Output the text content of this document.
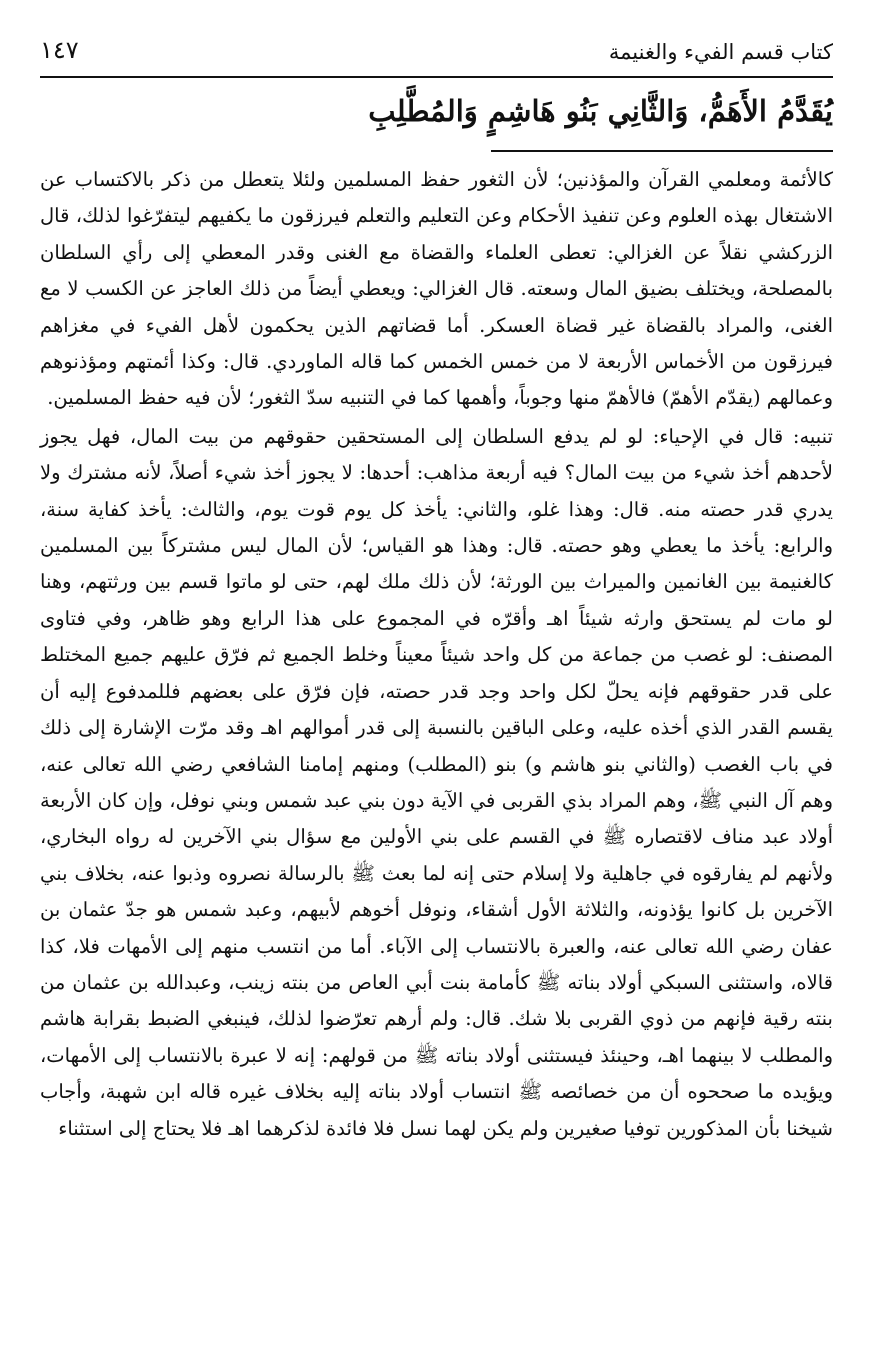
كتاب قسم الفيء والغنيمة
١٤٧
يُقَدَّمُ الأَهَمُّ، وَالثَّانِي بَنُو هَاشِمٍ وَالمُطَّلِبِ

كالأئمة ومعلمي القرآن والمؤذنين؛ لأن الثغور حفظ المسلمين ولئلا يتعطل من ذكر بالاكتساب عن الاشتغال بهذه العلوم وعن تنفيذ الأحكام وعن التعليم والتعلم فيرزقون ما يكفيهم ليتفرّغوا لذلك، قال الزركشي نقلاً عن الغزالي: تعطى العلماء والقضاة مع الغنى وقدر المعطي إلى رأي السلطان بالمصلحة، ويختلف بضيق المال وسعته. قال الغزالي: ويعطي أيضاً من ذلك العاجز عن الكسب لا مع الغنى، والمراد بالقضاة غير قضاة العسكر. أما قضاتهم الذين يحكمون لأهل الفيء في مغزاهم فيرزقون من الأخماس الأربعة لا من خمس الخمس كما قاله الماوردي. قال: وكذا أئمتهم ومؤذنوهم وعمالهم (يقدّم الأهمّ) فالأهمّ منها وجوباً، وأهمها كما في التنبيه سدّ الثغور؛ لأن فيه حفظ المسلمين.

تنبيه: قال في الإحياء: لو لم يدفع السلطان إلى المستحقين حقوقهم من بيت المال، فهل يجوز لأحدهم أخذ شيء من بيت المال؟ فيه أربعة مذاهب: أحدها: لا يجوز أخذ شيء أصلاً، لأنه مشترك ولا يدري قدر حصته منه. قال: وهذا غلو، والثاني: يأخذ كل يوم قوت يوم، والثالث: يأخذ كفاية سنة، والرابع: يأخذ ما يعطي وهو حصته. قال: وهذا هو القياس؛ لأن المال ليس مشتركاً بين المسلمين كالغنيمة بين الغانمين والميراث بين الورثة؛ لأن ذلك ملك لهم، حتى لو ماتوا قسم بين ورثتهم، وهنا لو مات لم يستحق وارثه شيئاً اهـ وأقرّه في المجموع على هذا الرابع وهو ظاهر، وفي فتاوى المصنف: لو غصب من جماعة من كل واحد شيئاً معيناً وخلط الجميع ثم فرّق عليهم جميع المختلط على قدر حقوقهم فإنه يحلّ لكل واحد وجد قدر حصته، فإن فرّق على بعضهم فللمدفوع إليه أن يقسم القدر الذي أخذه عليه، وعلى الباقين بالنسبة إلى قدر أموالهم اهـ وقد مرّت الإشارة إلى ذلك في باب الغصب (والثاني بنو هاشم و) بنو (المطلب) ومنهم إمامنا الشافعي رضي الله تعالى عنه، وهم آل النبي ﷺ، وهم المراد بذي القربى في الآية دون بني عبد شمس وبني نوفل، وإن كان الأربعة أولاد عبد مناف لاقتصاره ﷺ في القسم على بني الأولين مع سؤال بني الآخرين له رواه البخاري، ولأنهم لم يفارقوه في جاهلية ولا إسلام حتى إنه لما بعث ﷺ بالرسالة نصروه وذبوا عنه، بخلاف بني الآخرين بل كانوا يؤذونه، والثلاثة الأول أشقاء، ونوفل أخوهم لأبيهم، وعبد شمس هو جدّ عثمان بن عفان رضي الله تعالى عنه، والعبرة بالانتساب إلى الآباء. أما من انتسب منهم إلى الأمهات فلا، كذا قالاه، واستثنى السبكي أولاد بناته ﷺ كأمامة بنت أبي العاص من بنته زينب، وعبدالله بن عثمان من بنته رقية فإنهم من ذوي القربى بلا شك. قال: ولم أرهم تعرّضوا لذلك، فينبغي الضبط بقرابة هاشم والمطلب لا بينهما اهـ، وحينئذ فيستثنى أولاد بناته ﷺ من قولهم: إنه لا عبرة بالانتساب إلى الأمهات، ويؤيده ما صححوه أن من خصائصه ﷺ انتساب أولاد بناته إليه بخلاف غيره قاله ابن شهبة، وأجاب شيخنا بأن المذكورين توفيا صغيرين ولم يكن لهما نسل فلا فائدة لذكرهما اهـ فلا يحتاج إلى استثناء
